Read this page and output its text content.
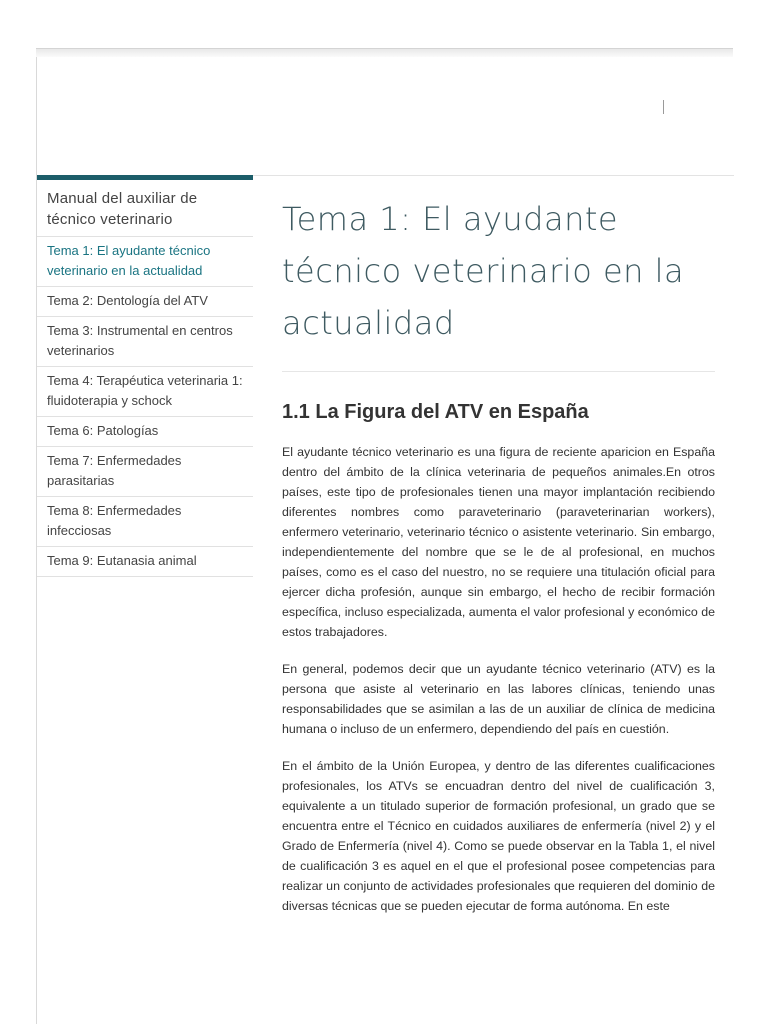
Manual del auxiliar de técnico veterinario
Tema 1: El ayudante técnico veterinario en la actualidad
Tema 2: Dentología del ATV
Tema 3: Instrumental en centros veterinarios
Tema 4: Terapéutica veterinaria 1: fluidoterapia y schock
Tema 6: Patologías
Tema 7: Enfermedades parasitarias
Tema 8: Enfermedades infecciosas
Tema 9: Eutanasia animal
Tema 1: El ayudante técnico veterinario en la actualidad
1.1 La Figura del ATV en España

El ayudante técnico veterinario es una figura de reciente aparicion en España dentro del ámbito de la clínica veterinaria de pequeños animales.En otros países, este tipo de profesionales tienen una mayor implantación recibiendo diferentes nombres como paraveterinario (paraveterinarian workers), enfermero veterinario, veterinario técnico o asistente veterinario. Sin embargo, independientemente del nombre que se le de al profesional, en muchos países, como es el caso del nuestro, no se requiere una titulación oficial para ejercer dicha profesión, aunque sin embargo, el hecho de recibir formación específica, incluso especializada, aumenta el valor profesional y económico de estos trabajadores.

En general, podemos decir que un ayudante técnico veterinario (ATV) es la persona que asiste al veterinario en las labores clínicas, teniendo unas responsabilidades que se asimilan a las de un auxiliar de clínica de medicina humana o incluso de un enfermero, dependiendo del país en cuestión.

En el ámbito de la Unión Europea, y dentro de las diferentes cualificaciones profesionales, los ATVs se encuadran dentro del nivel de cualificación 3, equivalente a un titulado superior de formación profesional, un grado que se encuentra entre el Técnico en cuidados auxiliares de enfermería (nivel 2) y el Grado de Enfermería (nivel 4). Como se puede observar en la Tabla 1, el nivel de cualificación 3 es aquel en el que el profesional posee competencias para realizar un conjunto de actividades profesionales que requieren del dominio de diversas técnicas que se pueden ejecutar de forma autónoma. En este
